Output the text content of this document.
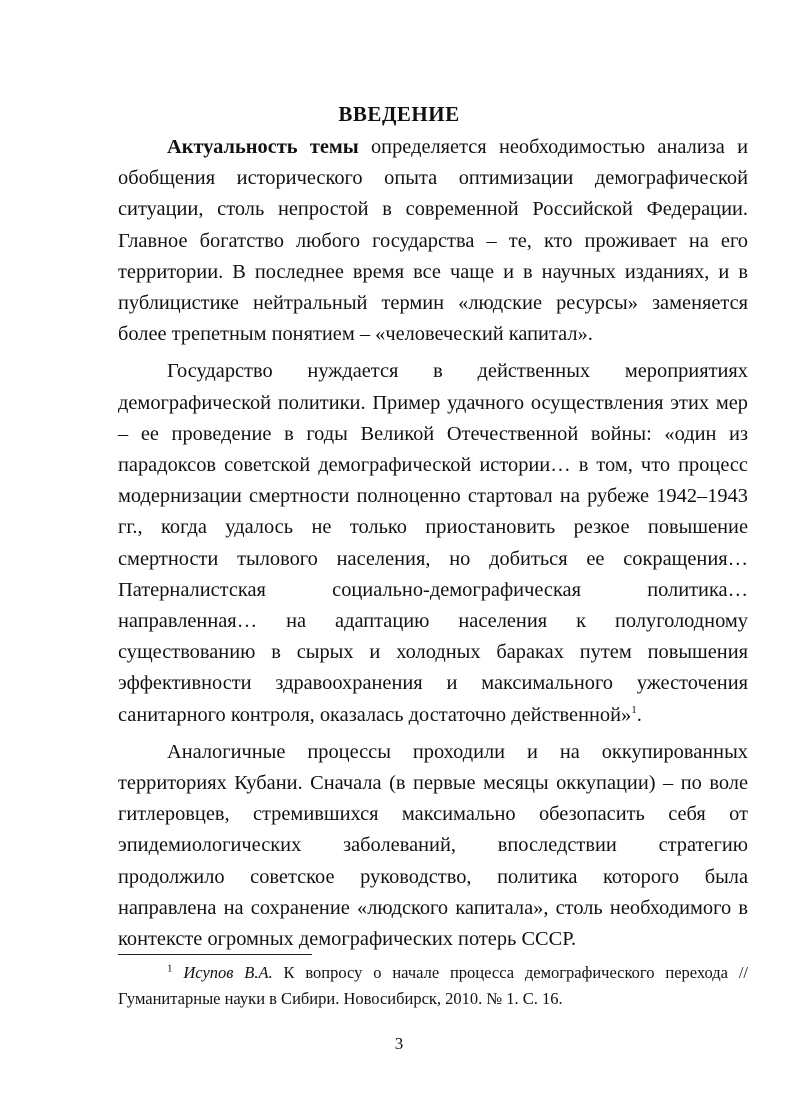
ВВЕДЕНИЕ

Актуальность темы определяется необходимостью анализа и обобщения исторического опыта оптимизации демографической ситуации, столь непростой в современной Российской Федерации. Главное богатство любого государства – те, кто проживает на его территории. В последнее время все чаще и в научных изданиях, и в публицистике нейтральный термин «людские ресурсы» заменяется более трепетным понятием – «человеческий капитал».

Государство нуждается в действенных мероприятиях демографической политики. Пример удачного осуществления этих мер – ее проведение в годы Великой Отечественной войны: «один из парадоксов советской демографической истории… в том, что процесс модернизации смертности полноценно стартовал на рубеже 1942–1943 гг., когда удалось не только приостановить резкое повышение смертности тылового населения, но добиться ее сокращения… Патерналистская социально-демографическая политика… направленная… на адаптацию населения к полуголодному существованию в сырых и холодных бараках путем повышения эффективности здравоохранения и максимального ужесточения санитарного контроля, оказалась достаточно действенной»$^1$.

Аналогичные процессы проходили и на оккупированных территориях Кубани. Сначала (в первые месяцы оккупации) – по воле гитлеровцев, стремившихся максимально обезопасить себя от эпидемиологических заболеваний, впоследствии стратегию продолжило советское руководство, политика которого была направлена на сохранение «людского капитала», столь необходимого в контексте огромных демографических потерь СССР.

$^1$ Исупов В.А. К вопросу о начале процесса демографического перехода // Гуманитарные науки в Сибири. Новосибирск, 2010. № 1. С. 16.
3
